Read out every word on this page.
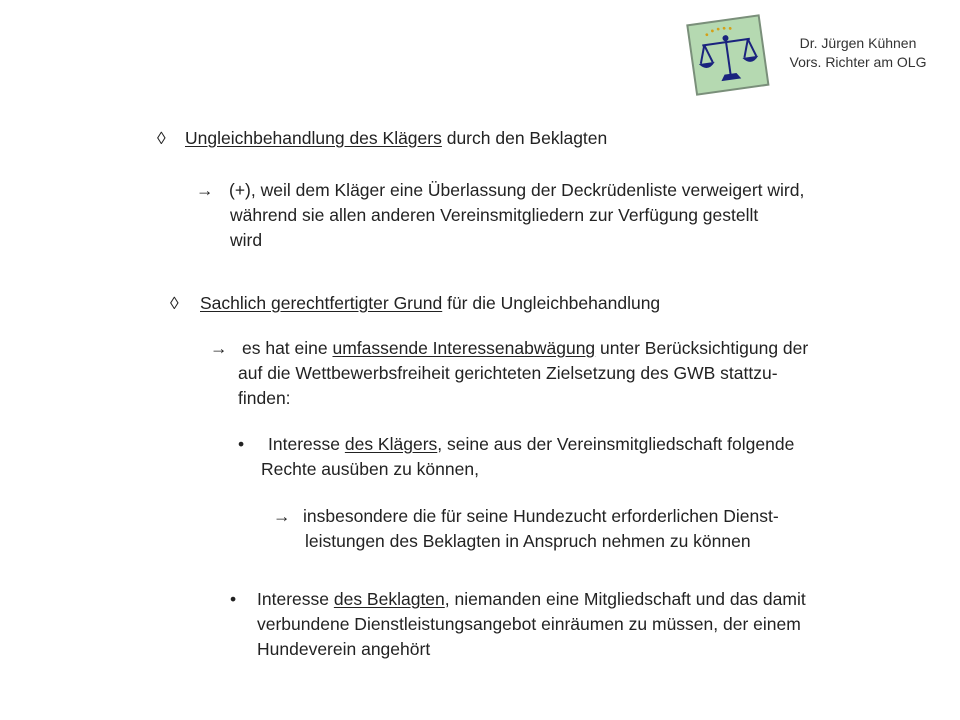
Dr. Jürgen Kühnen
Vors. Richter am OLG
◊ Ungleichbehandlung des Klägers durch den Beklagten
→ (+), weil dem Kläger eine Überlassung der Deckrüdenliste verweigert wird,
während sie allen anderen Vereinsmitgliedern zur Verfügung gestellt
wird
◊ Sachlich gerechtfertigter Grund für die Ungleichbehandlung
→ es hat eine umfassende Interessenabwägung unter Berücksichtigung der
auf die Wettbewerbsfreiheit gerichteten Zielsetzung des GWB stattzu-
finden:
• Interesse des Klägers, seine aus der Vereinsmitgliedschaft folgende
Rechte ausüben zu können,
→ insbesondere die für seine Hundezucht erforderlichen Dienst-
leistungen des Beklagten in Anspruch nehmen zu können
• Interesse des Beklagten, niemanden eine Mitgliedschaft und das damit
verbundene Dienstleistungsangebot einräumen zu müssen, der einem
Hundeverein angehört
